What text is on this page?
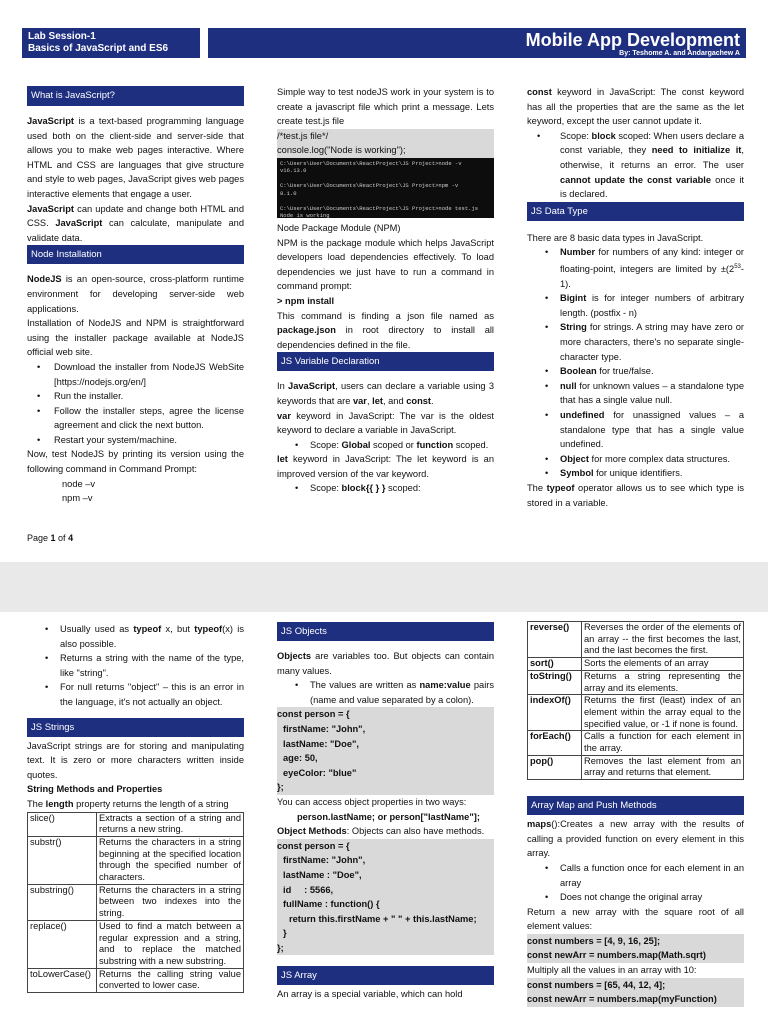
Lab Session-1
Basics of JavaScript and ES6	Mobile App Development
By: Teshome A. and Andargachew A
What is JavaScript?

JavaScript is a text-based programming language used both on the client-side and server-side that allows you to make web pages interactive. Where HTML and CSS are languages that give structure and style to web pages, JavaScript gives web pages interactive elements that engage a user.

JavaScript can update and change both HTML and CSS. JavaScript can calculate, manipulate and validate data.

Node Installation

NodeJS is an open-source, cross-platform runtime environment for developing server-side web applications.

Installation of NodeJS and NPM is straightforward using the installer package available at NodeJS official web site.

• Download the installer from NodeJS WebSite [https://nodejs.org/en/]
• Run the installer.
• Follow the installer steps, agree the license agreement and click the next button.
• Restart your system/machine.

Now, test NodeJS by printing its version using the following command in Command Prompt:

node –v

npm –v

Simple way to test nodeJS work in your system is to create a javascript file which print a message. Lets create test.js file

/*test.js file*/

console.log("Node is working");

C:\Users\User\Documents\ReactProject\JS Project>node -v
v16.13.0

C:\Users\User\Documents\ReactProject\JS Project>npm -v
8.1.0

C:\Users\User\Documents\ReactProject\JS Project>node test.js
Node is working

Node Package Module (NPM)

NPM is the package module which helps JavaScript developers load dependencies effectively. To load dependencies we just have to run a command in command prompt:

> npm install

This command is finding a json file named as package.json in root directory to install all dependencies defined in the file.

JS Variable Declaration

In JavaScript, users can declare a variable using 3 keywords that are var, let, and const.

var keyword in JavaScript: The var is the oldest keyword to declare a variable in JavaScript.

• Scope: Global scoped or function scoped.

let keyword in JavaScript: The let keyword is an improved version of the var keyword.

• Scope: block{{ } } scoped:

const keyword in JavaScript: The const keyword has all the properties that are the same as the let keyword, except the user cannot update it.

• Scope: block scoped: When users declare a const variable, they need to initialize it, otherwise, it returns an error. The user cannot update the const variable once it is declared.
JS Data Type

There are 8 basic data types in JavaScript.

• Number for numbers of any kind: integer or floating-point, integers are limited by $\pm(2^{53}-1)$.
• Bigint is for integer numbers of arbitrary length. (postfix - n)
• String for strings. A string may have zero or more characters, there's no separate single-character type.
• Boolean for true/false.
• null for unknown values – a standalone type that has a single value null.
• undefined for unassigned values – a standalone type that has a single value undefined.
• Object for more complex data structures.
• Symbol for unique identifiers.

The typeof operator allows us to see which type is stored in a variable.

Page 1 of 4
• Usually used as typeof x, but typeof(x) is also possible.
• Returns a string with the name of the type, like "string".
• For null returns "object" – this is an error in the language, it's not actually an object.
JS Strings

JavaScript strings are for storing and manipulating text. It is zero or more characters written inside quotes.

String Methods and Properties

The length property returns the length of a string

slice()	Extracts a section of a string and returns a new string.
substr()	Returns the characters in a string beginning at the specified location through the specified number of characters.
substring()	Returns the characters in a string between two indexes into the string.
replace()	Used to find a match between a regular expression and a string, and to replace the matched substring with a new substring.
toLowerCase()	Returns the calling string value converted to lower case.
JS Objects

Objects are variables too. But objects can contain many values.

• The values are written as name:value pairs (name and value separated by a colon).

const person = {

firstName: "John",

lastName: "Doe",

age: 50,

eyeColor: "blue"

};

You can access object properties in two ways:

person.lastName; or person["lastName"];

Object Methods: Objects can also have methods.

const person = {

firstName: "John",

lastName : "Doe",

id     : 5566,

fullName : function() {

return this.firstName + " " + this.lastName;

}

};

JS Array

An array is a special variable, which can hold

reverse()	Reverses the order of the elements of an array -- the first becomes the last, and the last becomes the first.
sort()	Sorts the elements of an array
toString()	Returns a string representing the array and its elements.
indexOf()	Returns the first (least) index of an element within the array equal to the specified value, or -1 if none is found.
forEach()	Calls a function for each element in the array.
pop()	Removes the last element from an array and returns that element.
Array Map and Push Methods

maps():Creates a new array with the results of calling a provided function on every element in this array.

• Calls a function once for each element in an array
• Does not change the original array

Return a new array with the square root of all element values:

const numbers = [4, 9, 16, 25];

const newArr = numbers.map(Math.sqrt)

Multiply all the values in an array with 10:

const numbers = [65, 44, 12, 4];

const newArr = numbers.map(myFunction)
